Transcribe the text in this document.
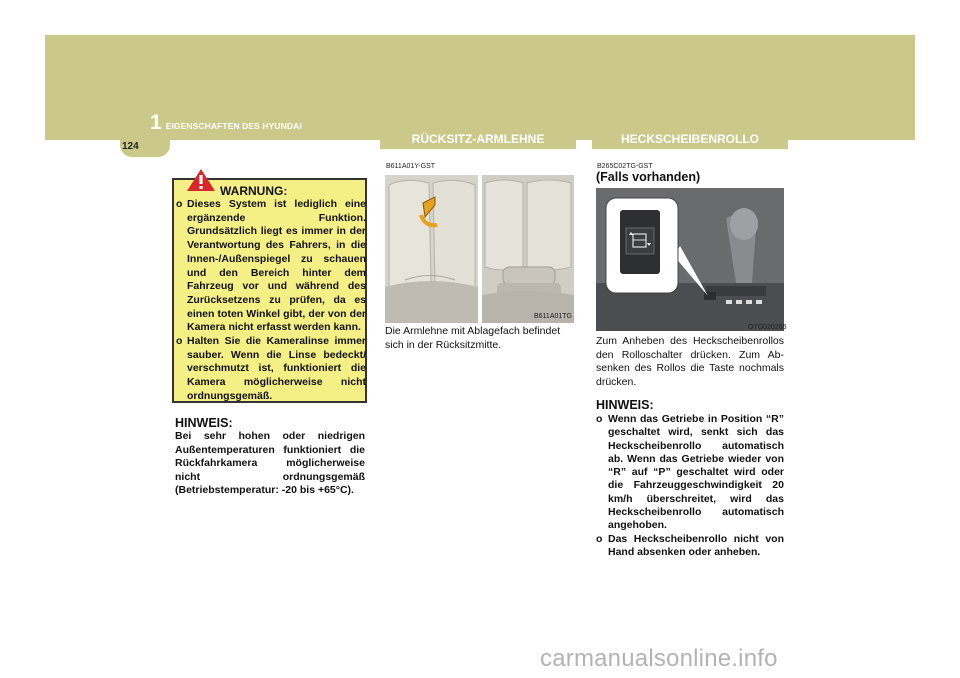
1 EIGENSCHAFTEN DES HYUNDAI
124
RÜCKSITZ-ARMLEHNE	HECKSCHEIBENROLLO
WARNUNG:
o Dieses System ist lediglich eine ergänzende Funktion. Grundsätzlich liegt es immer in der Verantwortung des Fahrers, in die Innen-/Außenspiegel zu schauen und den Bereich hinter dem Fahrzeug vor und während des Zurücksetzens zu prüfen, da es einen toten Winkel gibt, der von der Kamera nicht erfasst werden kann.
o Halten Sie die Kameralinse immer sauber. Wenn die Linse bedeckt/ verschmutzt ist, funktioniert die Kamera möglicherweise nicht ordnungsgemäß.
HINWEIS:
Bei sehr hohen oder niedrigen Außentemperaturen funktioniert die Rückfahrkamera möglicherweise nicht ordnungsgemäß (Betriebstemperatur: -20 bis +65°C).
B611A01Y-GST
B611A01TG
Die Armlehne mit Ablagefach befindet sich in der Rücksitzmitte.
B265C02TG-GST
(Falls vorhanden)
OTG020265
Zum Anheben des Heckscheibenrollos den Rolloschalter drücken. Zum Ab-senken des Rollos die Taste nochmals drücken.
HINWEIS:
o Wenn das Getriebe in Position “R” geschaltet wird, senkt sich das Heckscheibenrollo automatisch ab. Wenn das Getriebe wieder von “R” auf “P” geschaltet wird oder die Fahrzeuggeschwindigkeit 20 km/h überschreitet, wird das Heckscheibenrollo automatisch angehoben.
o Das Heckscheibenrollo nicht von Hand absenken oder anheben.
carmanualsonline.info
